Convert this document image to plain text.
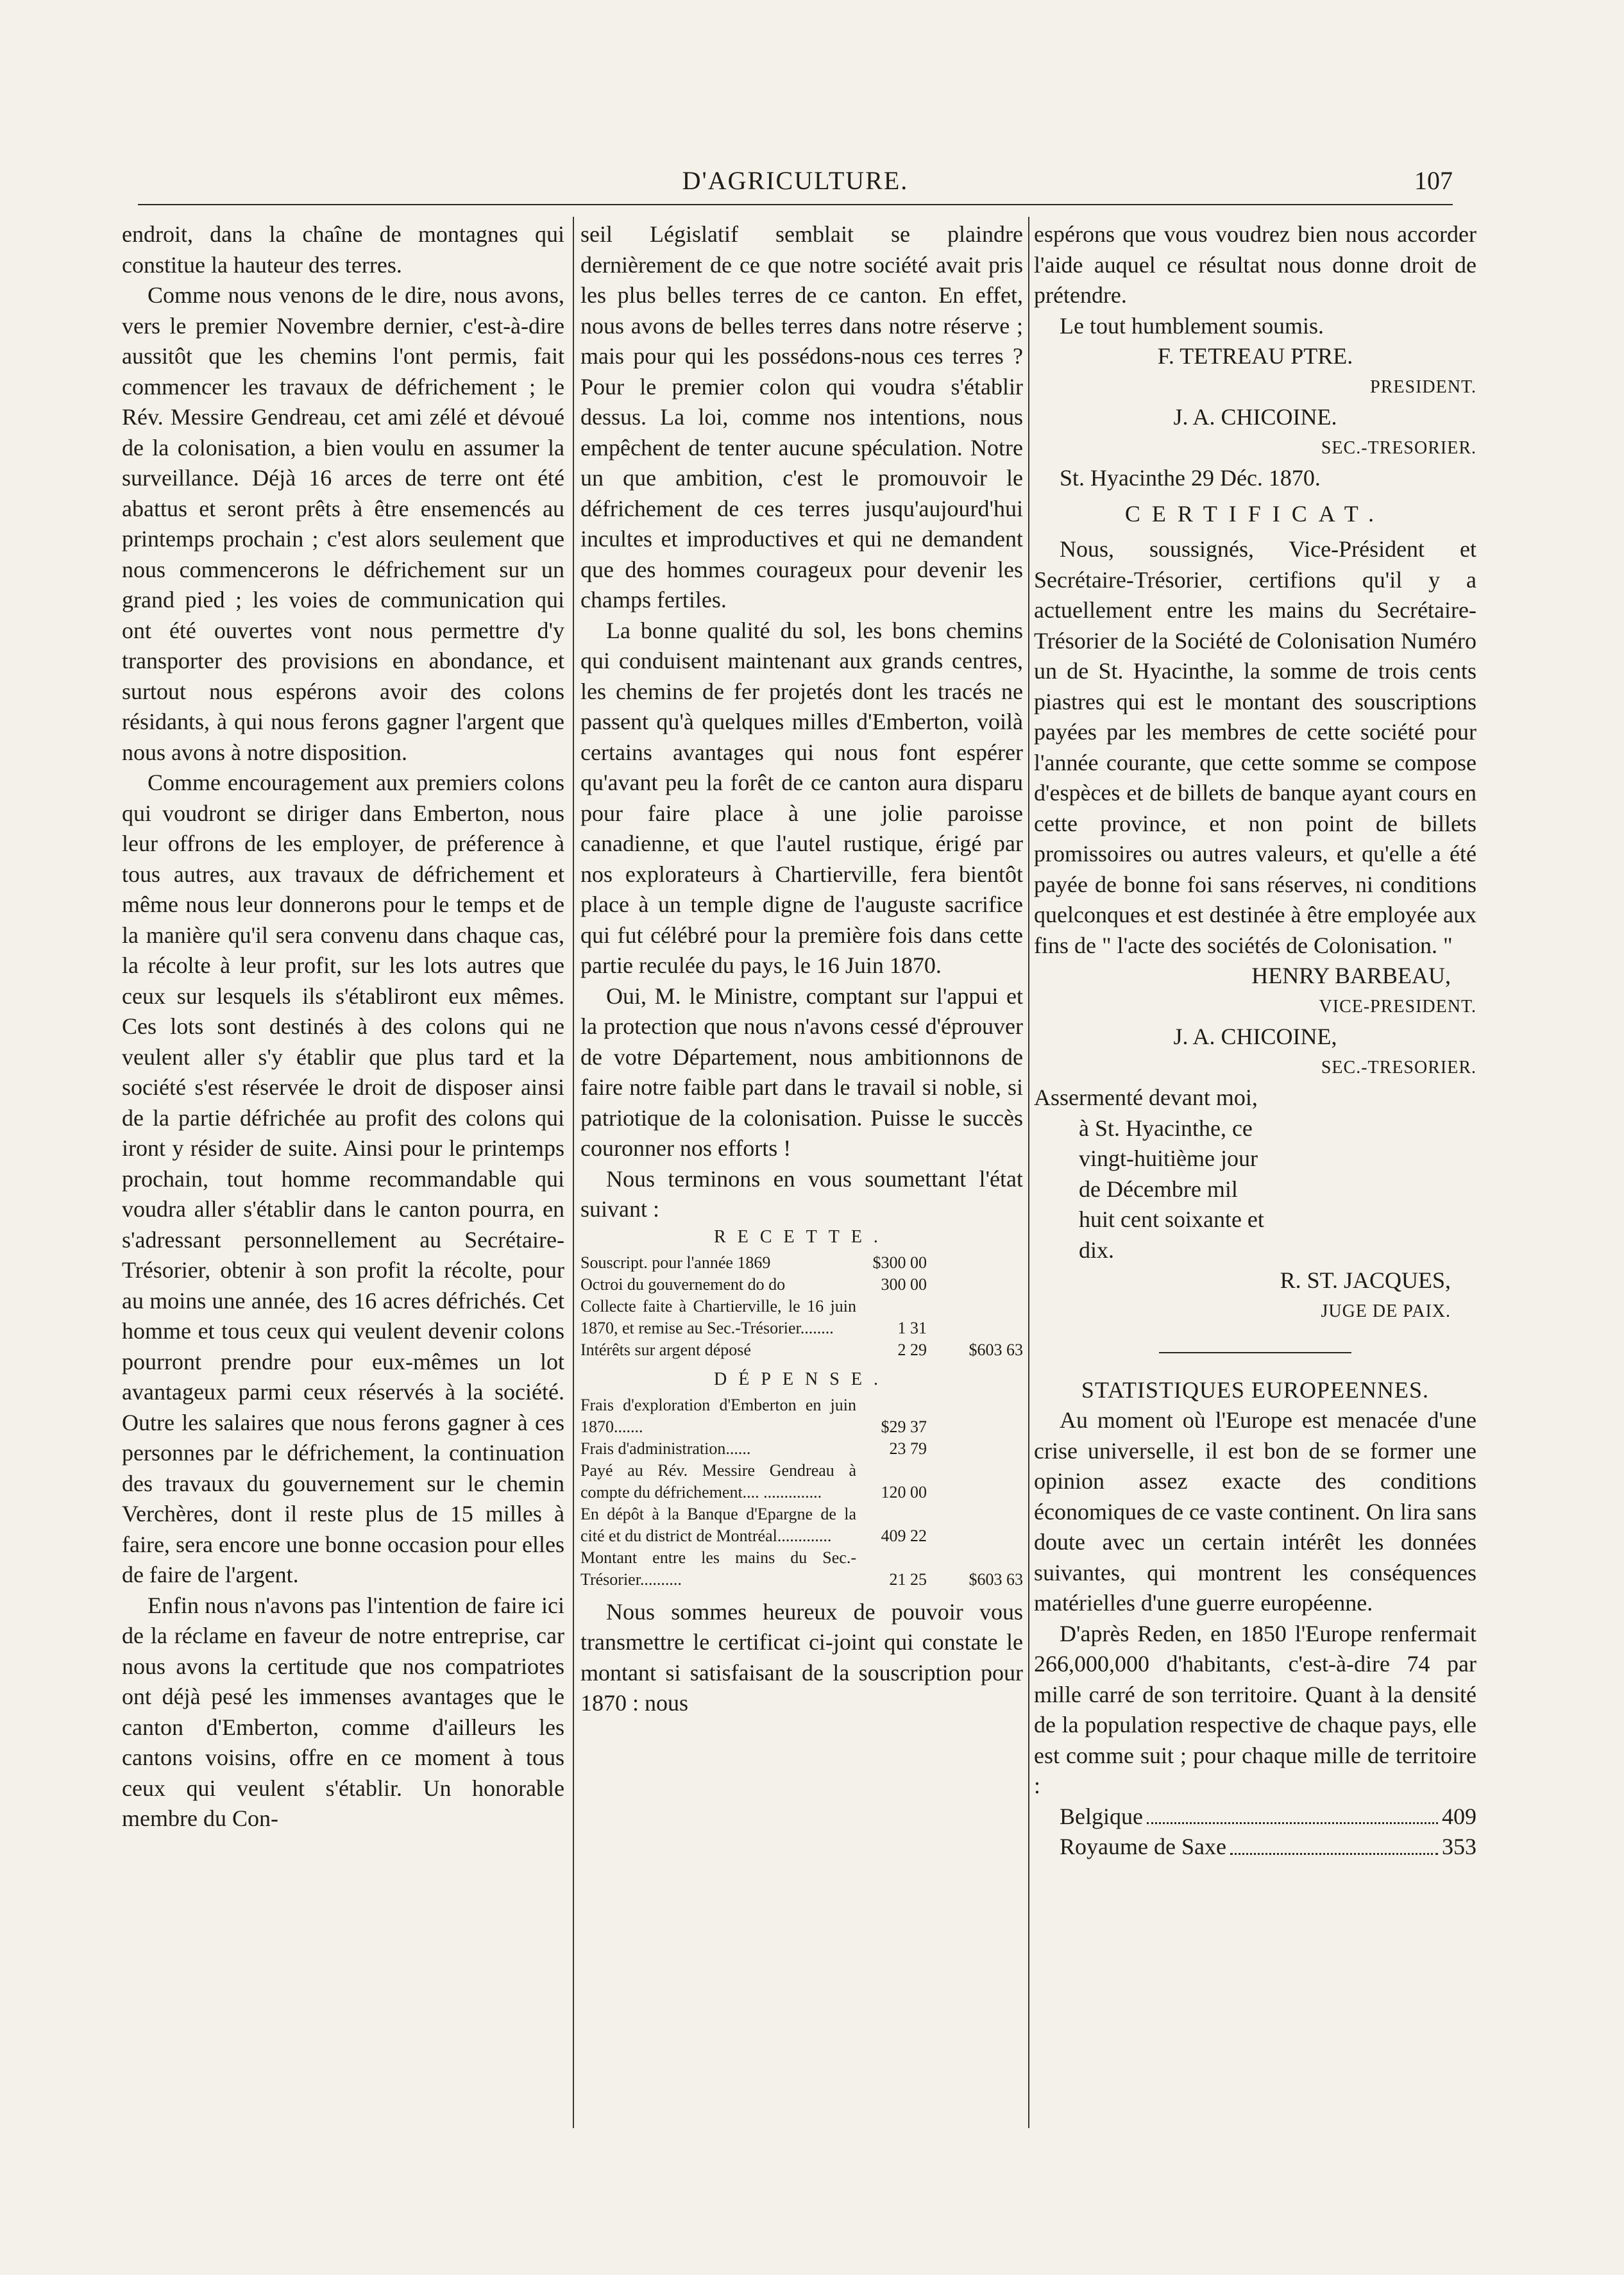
D'AGRICULTURE.	107

endroit, dans la chaîne de montagnes qui constitue la hauteur des terres.

Comme nous venons de le dire, nous avons, vers le premier Novembre dernier, c'est-à-dire aussitôt que les chemins l'ont permis, fait commencer les travaux de défrichement ; le Rév. Messire Gendreau, cet ami zélé et dévoué de la colonisation, a bien voulu en assumer la surveillance. Déjà 16 arces de terre ont été abattus et seront prêts à être ensemencés au printemps prochain ; c'est alors seulement que nous commencerons le défrichement sur un grand pied ; les voies de communication qui ont été ouvertes vont nous permettre d'y transporter des provisions en abondance, et surtout nous espérons avoir des colons résidants, à qui nous ferons gagner l'argent que nous avons à notre disposition.

Comme encouragement aux premiers colons qui voudront se diriger dans Emberton, nous leur offrons de les employer, de préference à tous autres, aux travaux de défrichement et même nous leur donnerons pour le temps et de la manière qu'il sera convenu dans chaque cas, la récolte à leur profit, sur les lots autres que ceux sur lesquels ils s'établiront eux mêmes. Ces lots sont destinés à des colons qui ne veulent aller s'y établir que plus tard et la société s'est réservée le droit de disposer ainsi de la partie défrichée au profit des colons qui iront y résider de suite. Ainsi pour le printemps prochain, tout homme recommandable qui voudra aller s'établir dans le canton pourra, en s'adressant personnellement au Secrétaire-Trésorier, obtenir à son profit la récolte, pour au moins une année, des 16 acres défrichés. Cet homme et tous ceux qui veulent devenir colons pourront prendre pour eux-mêmes un lot avantageux parmi ceux réservés à la société. Outre les salaires que nous ferons gagner à ces personnes par le défrichement, la continuation des travaux du gouvernement sur le chemin Verchères, dont il reste plus de 15 milles à faire, sera encore une bonne occasion pour elles de faire de l'argent.

Enfin nous n'avons pas l'intention de faire ici de la réclame en faveur de notre entreprise, car nous avons la certitude que nos compatriotes ont déjà pesé les immenses avantages que le canton d'Emberton, comme d'ailleurs les cantons voisins, offre en ce moment à tous ceux qui veulent s'établir. Un honorable membre du Con-

seil Législatif semblait se plaindre dernièrement de ce que notre société avait pris les plus belles terres de ce canton. En effet, nous avons de belles terres dans notre réserve ; mais pour qui les possédons-nous ces terres ? Pour le premier colon qui voudra s'établir dessus. La loi, comme nos intentions, nous empêchent de tenter aucune spéculation. Notre un que ambition, c'est le promouvoir le défrichement de ces terres jusqu'aujourd'hui incultes et improductives et qui ne demandent que des hommes courageux pour devenir les champs fertiles.

La bonne qualité du sol, les bons chemins qui conduisent maintenant aux grands centres, les chemins de fer projetés dont les tracés ne passent qu'à quelques milles d'Emberton, voilà certains avantages qui nous font espérer qu'avant peu la forêt de ce canton aura disparu pour faire place à une jolie paroisse canadienne, et que l'autel rustique, érigé par nos explorateurs à Chartierville, fera bientôt place à un temple digne de l'auguste sacrifice qui fut célébré pour la première fois dans cette partie reculée du pays, le 16 Juin 1870.

Oui, M. le Ministre, comptant sur l'appui et la protection que nous n'avons cessé d'éprouver de votre Département, nous ambitionnons de faire notre faible part dans le travail si noble, si patriotique de la colonisation. Puisse le succès couronner nos efforts !

Nous terminons en vous soumettant l'état suivant :

RECETTE.

Souscript. pour l'année 1869	$300 00	
Octroi du gouvernement do do	300 00	
Collecte faite à Chartierville, le 16 juin 1870, et remise au Sec.-Trésorier........	1 31	
Intérêts sur argent déposé	2 29	$603 63

DÉPENSE.

Frais d'exploration d'Emberton en juin 1870.......	$29 37	
Frais d'administration......	23 79	
Payé au Rév. Messire Gendreau à compte du défrichement.... ..............	120 00	
En dépôt à la Banque d'Epargne de la cité et du district de Montréal.............	409 22	
Montant entre les mains du Sec.-Trésorier..........	21 25	$603 63

Nous sommes heureux de pouvoir vous transmettre le certificat ci-joint qui constate le montant si satisfaisant de la souscription pour 1870 : nous

espérons que vous voudrez bien nous accorder l'aide auquel ce résultat nous donne droit de prétendre.

Le tout humblement soumis.

F. TETREAU PTRE.

PRESIDENT.

J. A. CHICOINE.

SEC.-TRESORIER.

St. Hyacinthe 29 Déc. 1870.

CERTIFICAT.

Nous, soussignés, Vice-Président et Secrétaire-Trésorier, certifions qu'il y a actuellement entre les mains du Secrétaire-Trésorier de la Société de Colonisation Numéro un de St. Hyacinthe, la somme de trois cents piastres qui est le montant des souscriptions payées par les membres de cette société pour l'année courante, que cette somme se compose d'espèces et de billets de banque ayant cours en cette province, et non point de billets promissoires ou autres valeurs, et qu'elle a été payée de bonne foi sans réserves, ni conditions quelconques et est destinée à être employée aux fins de " l'acte des sociétés de Colonisation. "

HENRY BARBEAU,

VICE-PRESIDENT.

J. A. CHICOINE,

SEC.-TRESORIER.

Assermenté devant moi,
à St. Hyacinthe, ce
vingt-huitième jour
de Décembre mil
huit cent soixante et
dix.

R. ST. JACQUES,

JUGE DE PAIX.

STATISTIQUES EUROPEENNES.

Au moment où l'Europe est menacée d'une crise universelle, il est bon de se former une opinion assez exacte des conditions économiques de ce vaste continent. On lira sans doute avec un certain intérêt les données suivantes, qui montrent les conséquences matérielles d'une guerre européenne.

D'après Reden, en 1850 l'Europe renfermait 266,000,000 d'habitants, c'est-à-dire 74 par mille carré de son territoire. Quant à la densité de la population respective de chaque pays, elle est comme suit ; pour chaque mille de territoire :

Belgique	409
Royaume de Saxe	353
